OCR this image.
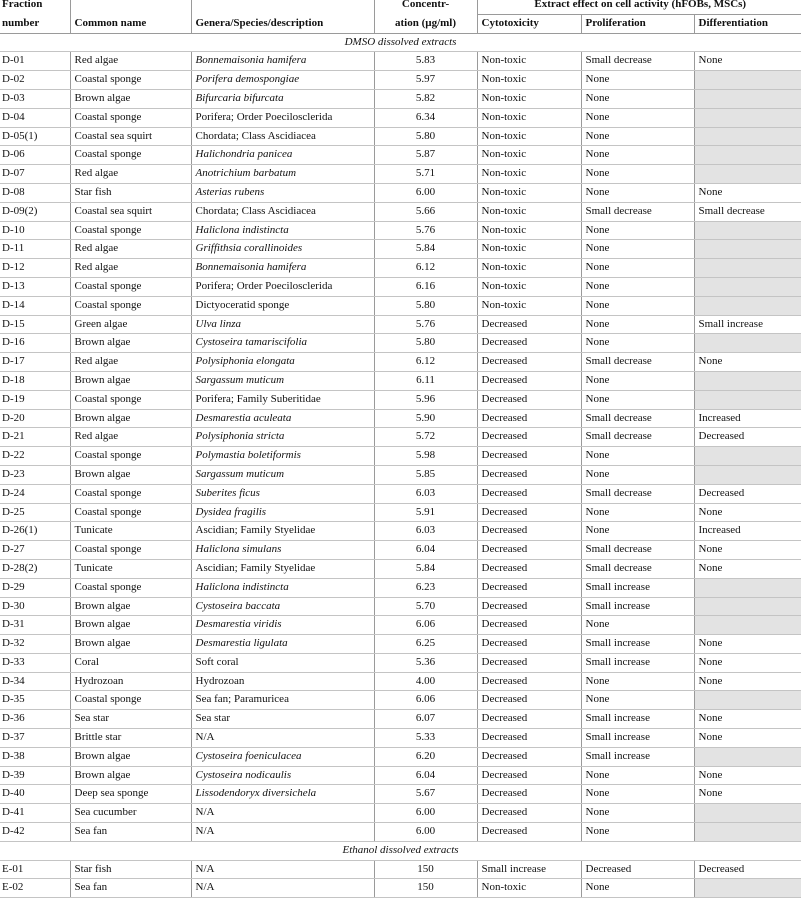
Fraction			Concentr-	Extract effect on cell activity (hFOBs, MSCs)		
number	Common name	Genera/Species/description	ation (µg/ml)	Cytotoxicity	Proliferation	Differentiation
DMSO dissolved extracts						
D-01	Red algae	Bonnemaisonia hamifera	5.83	Non-toxic	Small decrease	None
D-02	Coastal sponge	Porifera demospongiae	5.97	Non-toxic	None	
D-03	Brown algae	Bifurcaria bifurcata	5.82	Non-toxic	None	
D-04	Coastal sponge	Porifera; Order Poecilosclerida	6.34	Non-toxic	None	
D-05(1)	Coastal sea squirt	Chordata; Class Ascidiacea	5.80	Non-toxic	None	
D-06	Coastal sponge	Halichondria panicea	5.87	Non-toxic	None	
D-07	Red algae	Anotrichium barbatum	5.71	Non-toxic	None	
D-08	Star fish	Asterias rubens	6.00	Non-toxic	None	None
D-09(2)	Coastal sea squirt	Chordata; Class Ascidiacea	5.66	Non-toxic	Small decrease	Small decrease
D-10	Coastal sponge	Haliclona indistincta	5.76	Non-toxic	None	
D-11	Red algae	Griffithsia corallinoides	5.84	Non-toxic	None	
D-12	Red algae	Bonnemaisonia hamifera	6.12	Non-toxic	None	
D-13	Coastal sponge	Porifera; Order Poecilosclerida	6.16	Non-toxic	None	
D-14	Coastal sponge	Dictyoceratid sponge	5.80	Non-toxic	None	
D-15	Green algae	Ulva linza	5.76	Decreased	None	Small increase
D-16	Brown algae	Cystoseira tamariscifolia	5.80	Decreased	None	
D-17	Red algae	Polysiphonia elongata	6.12	Decreased	Small decrease	None
D-18	Brown algae	Sargassum muticum	6.11	Decreased	None	
D-19	Coastal sponge	Porifera; Family Suberitidae	5.96	Decreased	None	
D-20	Brown algae	Desmarestia aculeata	5.90	Decreased	Small decrease	Increased
D-21	Red algae	Polysiphonia stricta	5.72	Decreased	Small decrease	Decreased
D-22	Coastal sponge	Polymastia boletiformis	5.98	Decreased	None	
D-23	Brown algae	Sargassum muticum	5.85	Decreased	None	
D-24	Coastal sponge	Suberites ficus	6.03	Decreased	Small decrease	Decreased
D-25	Coastal sponge	Dysidea fragilis	5.91	Decreased	None	None
D-26(1)	Tunicate	Ascidian; Family Styelidae	6.03	Decreased	None	Increased
D-27	Coastal sponge	Haliclona simulans	6.04	Decreased	Small decrease	None
D-28(2)	Tunicate	Ascidian; Family Styelidae	5.84	Decreased	Small decrease	None
D-29	Coastal sponge	Haliclona indistincta	6.23	Decreased	Small increase	
D-30	Brown algae	Cystoseira baccata	5.70	Decreased	Small increase	
D-31	Brown algae	Desmarestia viridis	6.06	Decreased	None	
D-32	Brown algae	Desmarestia ligulata	6.25	Decreased	Small increase	None
D-33	Coral	Soft coral	5.36	Decreased	Small increase	None
D-34	Hydrozoan	Hydrozoan	4.00	Decreased	None	None
D-35	Coastal sponge	Sea fan; Paramuricea	6.06	Decreased	None	
D-36	Sea star	Sea star	6.07	Decreased	Small increase	None
D-37	Brittle star	N/A	5.33	Decreased	Small increase	None
D-38	Brown algae	Cystoseira foeniculacea	6.20	Decreased	Small increase	
D-39	Brown algae	Cystoseira nodicaulis	6.04	Decreased	None	None
D-40	Deep sea sponge	Lissodendoryx diversichela	5.67	Decreased	None	None
D-41	Sea cucumber	N/A	6.00	Decreased	None	
D-42	Sea fan	N/A	6.00	Decreased	None	
Ethanol dissolved extracts						
E-01	Star fish	N/A	150	Small increase	Decreased	Decreased
E-02	Sea fan	N/A	150	Non-toxic	None	
